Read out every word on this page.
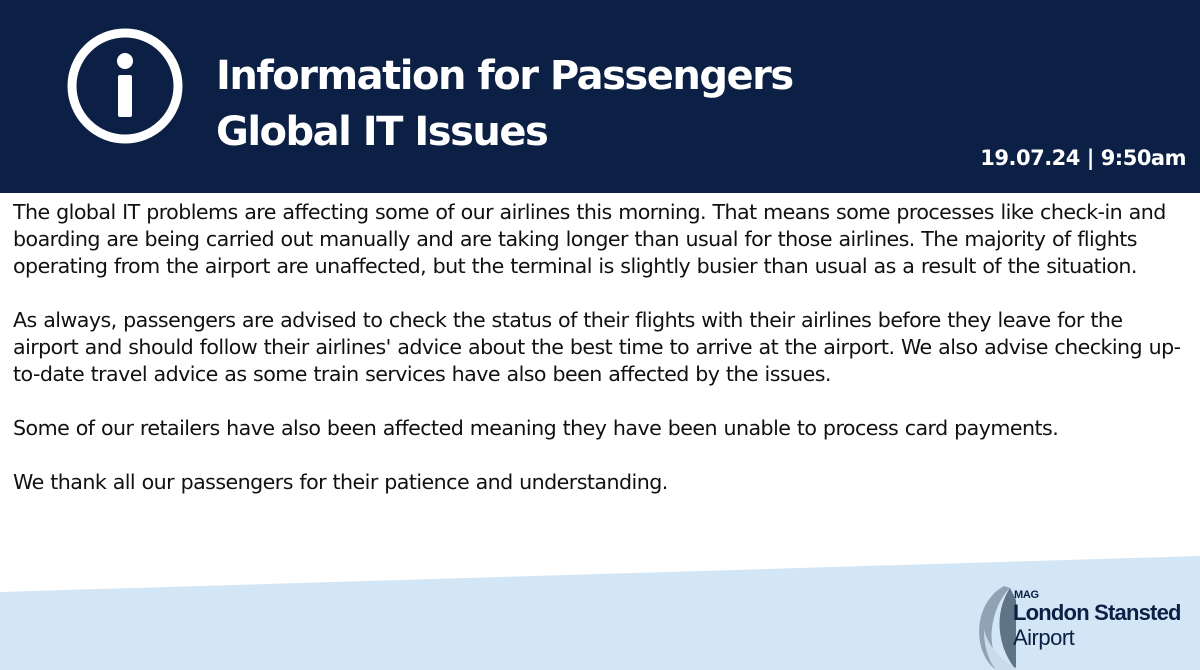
Information for Passengers
Global IT Issues
19.07.24 | 9:50am

The global IT problems are affecting some of our airlines this morning. That means some processes like check-in and boarding are being carried out manually and are taking longer than usual for those airlines. The majority of flights operating from the airport are unaffected, but the terminal is slightly busier than usual as a result of the situation.

As always, passengers are advised to check the status of their flights with their airlines before they leave for the airport and should follow their airlines' advice about the best time to arrive at the airport. We also advise checking up-to-date travel advice as some train services have also been affected by the issues.

Some of our retailers have also been affected meaning they have been unable to process card payments.

We thank all our passengers for their patience and understanding.

MAG
London Stansted
Airport
